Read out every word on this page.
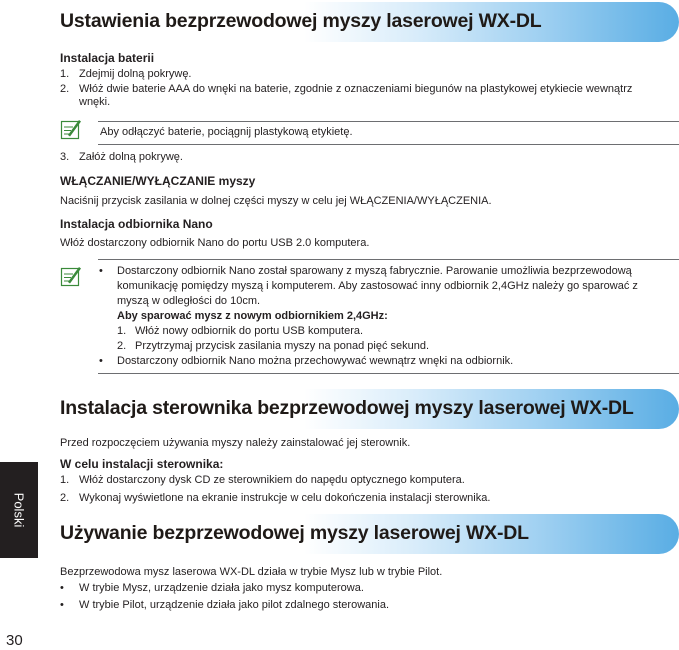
Ustawienia bezprzewodowej myszy laserowej WX-DL
Instalacja baterii
1. Zdejmij dolną pokrywę.
2. Włóż dwie baterie AAA do wnęki na baterie, zgodnie z oznaczeniami biegunów na plastykowej etykiecie wewnątrz
wnęki.
Aby odłączyć baterie, pociągnij plastykową etykietę.
3. Załóż dolną pokrywę.
WŁĄCZANIE/WYŁĄCZANIE myszy
Naciśnij przycisk zasilania w dolnej części myszy w celu jej WŁĄCZENIA/WYŁĄCZENIA.
Instalacja odbiornika Nano
Włóż dostarczony odbiornik Nano do portu USB 2.0 komputera.
• Dostarczony odbiornik Nano został sparowany z myszą fabrycznie. Parowanie umożliwia bezprzewodową
komunikację pomiędzy myszą i komputerem. Aby zastosować inny odbiornik 2,4GHz należy go sparować z
myszą w odległości do 10cm.
Aby sparować mysz z nowym odbiornikiem 2,4GHz:
1. Włóż nowy odbiornik do portu USB komputera.
2. Przytrzymaj przycisk zasilania myszy na ponad pięć sekund.
• Dostarczony odbiornik Nano można przechowywać wewnątrz wnęki na odbiornik.
Instalacja sterownika bezprzewodowej myszy laserowej WX-DL
Przed rozpoczęciem używania myszy należy zainstalować jej sterownik.
W celu instalacji sterownika:
1. Włóż dostarczony dysk CD ze sterownikiem do napędu optycznego komputera.
2. Wykonaj wyświetlone na ekranie instrukcje w celu dokończenia instalacji sterownika.
Używanie bezprzewodowej myszy laserowej WX-DL
Bezprzewodowa mysz laserowa WX-DL działa w trybie Mysz lub w trybie Pilot.
• W trybie Mysz, urządzenie działa jako mysz komputerowa.
• W trybie Pilot, urządzenie działa jako pilot zdalnego sterowania.
Polski
30
